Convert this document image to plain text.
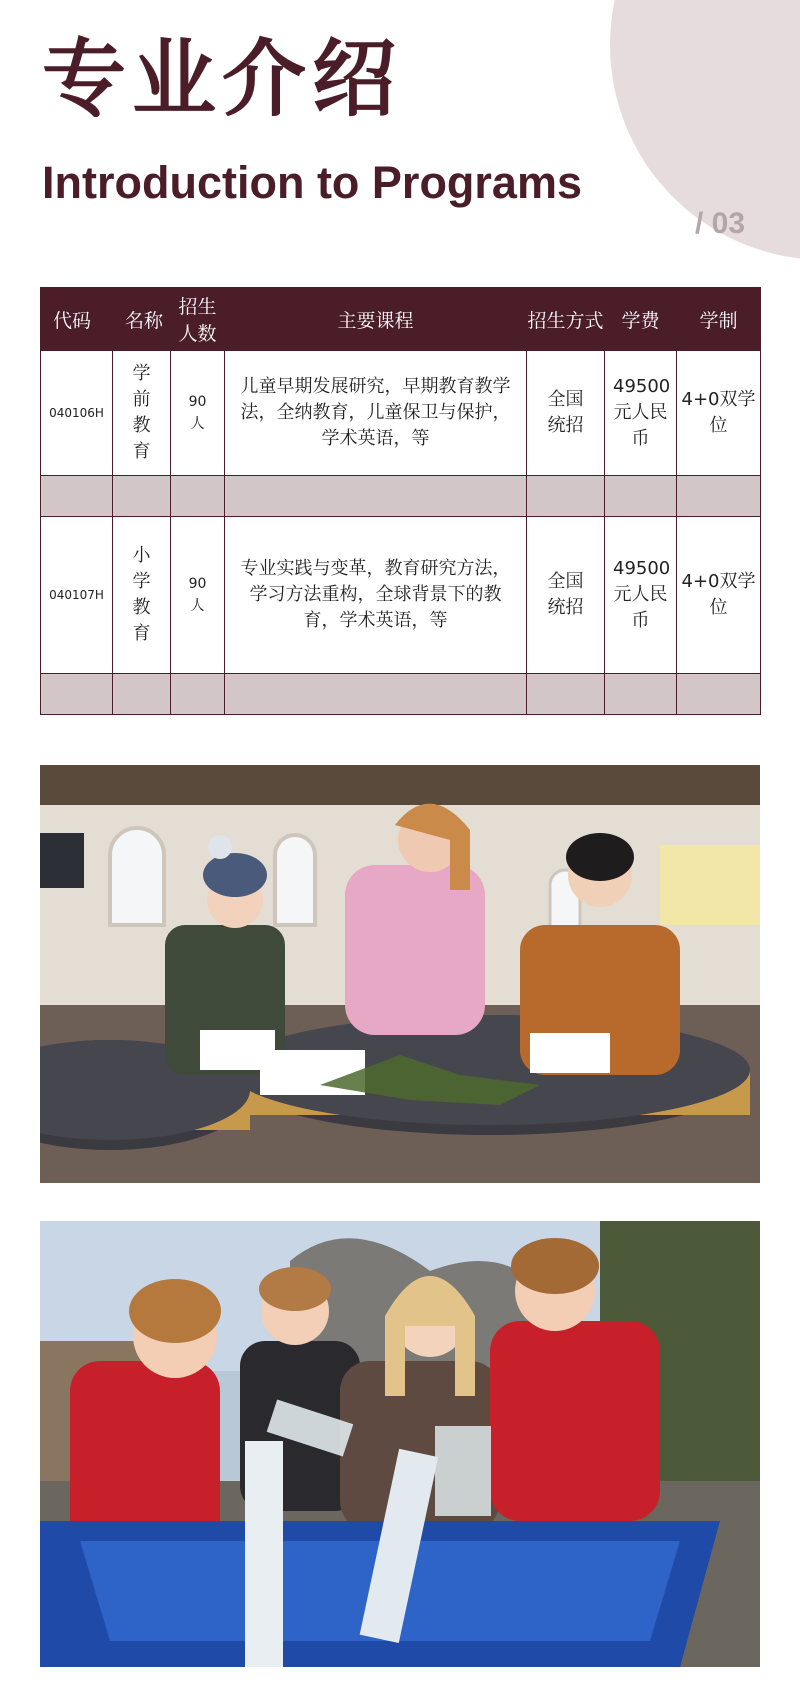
专业介绍
Introduction to Programs
/ 03
代码	名称	招生人数	主要课程	招生方式	学费	学制
040106H	学前教育	90人	儿童早期发展研究，早期教育教学法，全纳教育，儿童保卫与保护，学术英语，等	全国统招	49500元人民币	4+0双学位

040107H	小学教育	90人	专业实践与变革，教育研究方法，学习方法重构，全球背景下的教育，学术英语，等	全国统招	49500元人民币	4+0双学位
